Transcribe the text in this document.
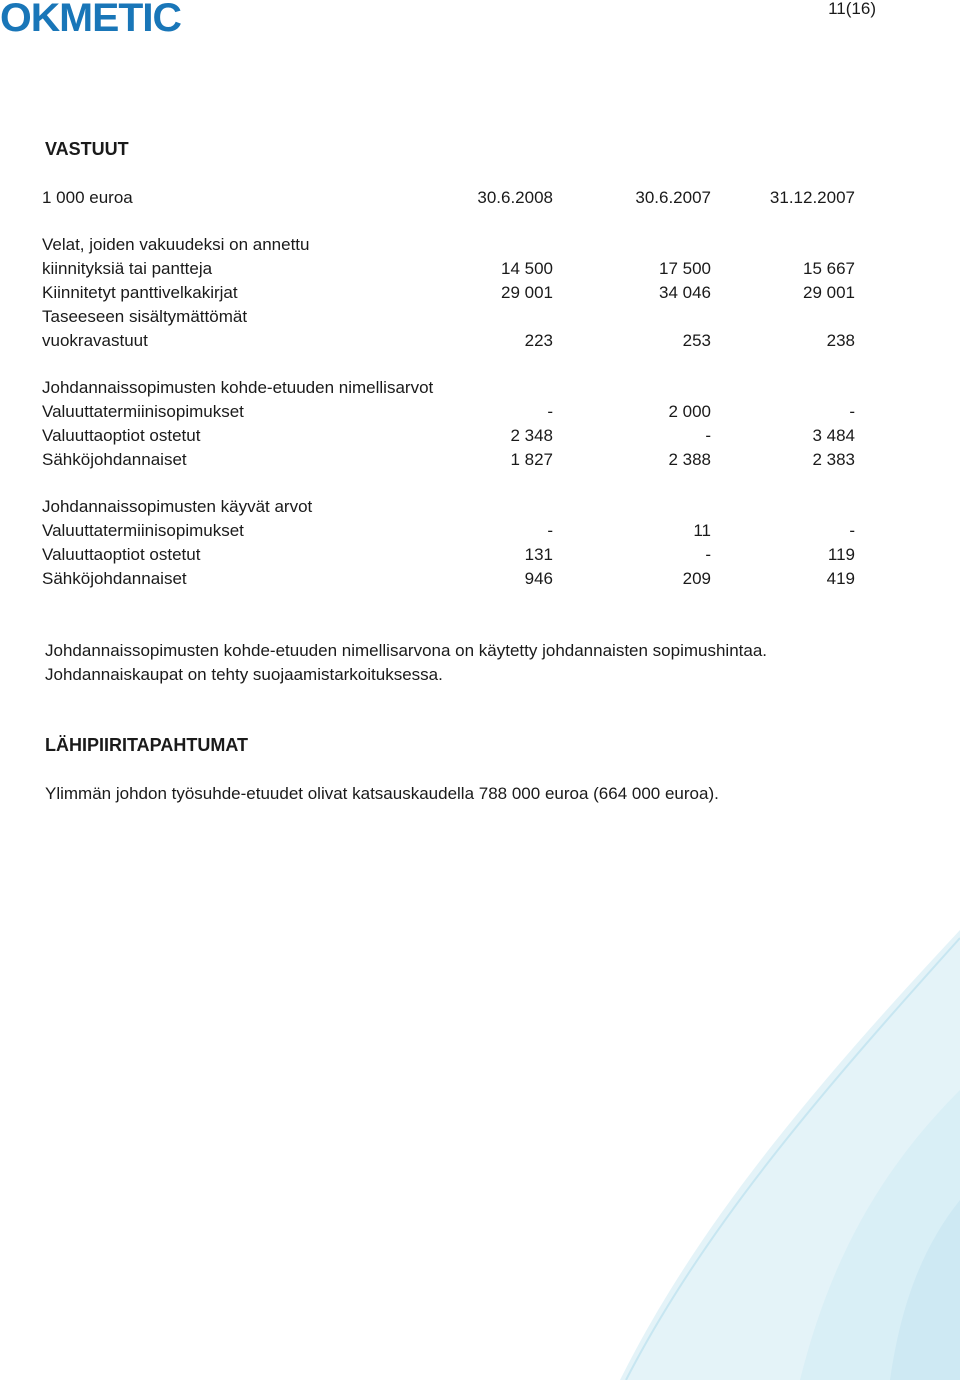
OKMETIC	11(16)
VASTUUT
1 000 euroa	30.6.2008	30.6.2007	31.12.2007
Velat, joiden vakuudeksi on annettu
kiinnityksiä tai pantteja	14 500	17 500	15 667
Kiinnitetyt panttivelkakirjat	29 001	34 046	29 001
Taseeseen sisältymättömät
vuokravastuut	223	253	238
Johdannaissopimusten kohde-etuuden nimellisarvot
Valuuttatermiinisopimukset	-	2 000	-
Valuuttaoptiot ostetut	2 348	-	3 484
Sähköjohdannaiset	1 827	2 388	2 383
Johdannaissopimusten käyvät arvot
Valuuttatermiinisopimukset	-	11	-
Valuuttaoptiot ostetut	131	-	119
Sähköjohdannaiset	946	209	419
Johdannaissopimusten kohde-etuuden nimellisarvona on käytetty johdannaisten sopimushintaa.
Johdannaiskaupat on tehty suojaamistarkoituksessa.
LÄHIPIIRITAPAHTUMAT
Ylimmän johdon työsuhde-etuudet olivat katsauskaudella 788 000 euroa (664 000 euroa).
